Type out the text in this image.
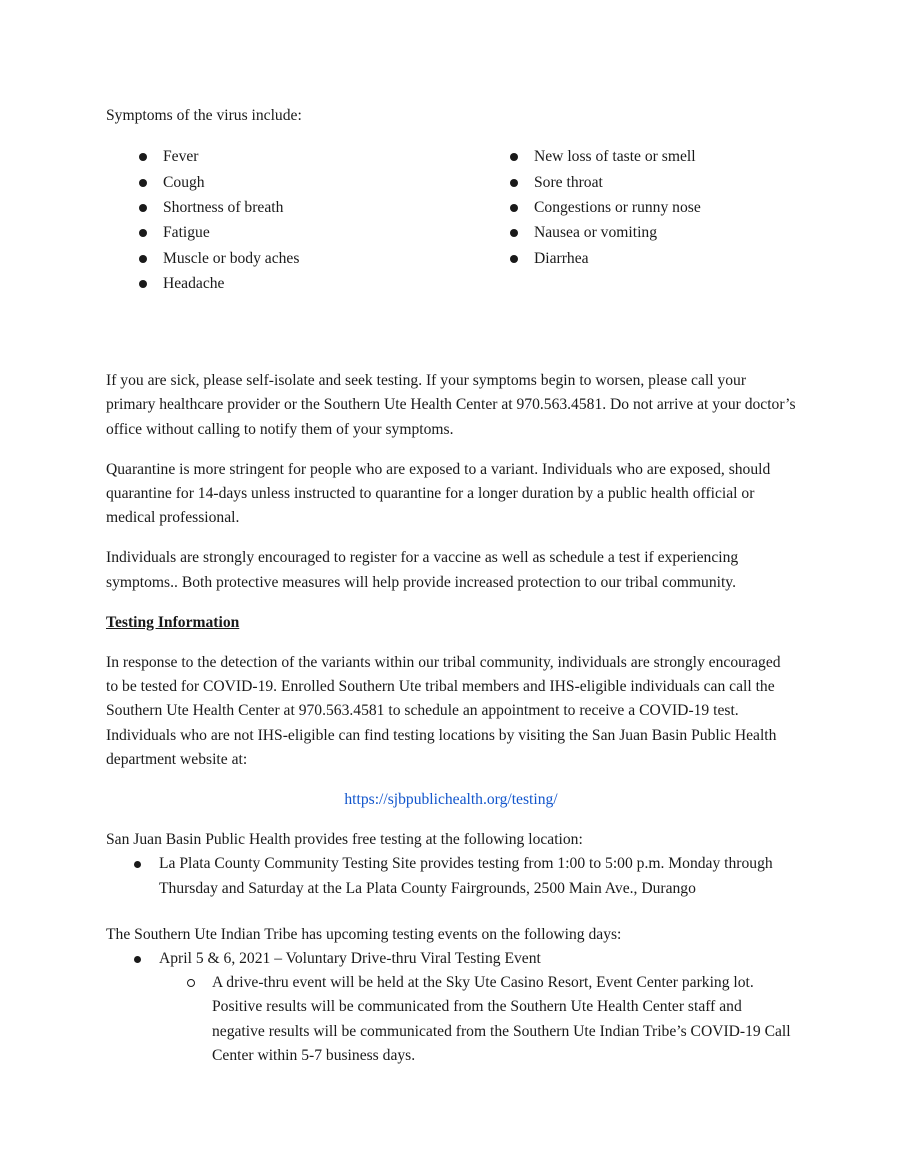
Symptoms of the virus include:

Fever
Cough
Shortness of breath
Fatigue
Muscle or body aches
Headache
New loss of taste or smell
Sore throat
Congestions or runny nose
Nausea or vomiting
Diarrhea

If you are sick, please self-isolate and seek testing. If your symptoms begin to worsen, please call your primary healthcare provider or the Southern Ute Health Center at 970.563.4581. Do not arrive at your doctor’s office without calling to notify them of your symptoms.

Quarantine is more stringent for people who are exposed to a variant. Individuals who are exposed, should quarantine for 14-days unless instructed to quarantine for a longer duration by a public health official or medical professional.

Individuals are strongly encouraged to register for a vaccine as well as schedule a test if experiencing symptoms.. Both protective measures will help provide increased protection to our tribal community.

Testing Information

In response to the detection of the variants within our tribal community, individuals are strongly encouraged to be tested for COVID-19. Enrolled Southern Ute tribal members and IHS-eligible individuals can call the Southern Ute Health Center at 970.563.4581 to schedule an appointment to receive a COVID-19 test. Individuals who are not IHS-eligible can find testing locations by visiting the San Juan Basin Public Health department website at:

https://sjbpublichealth.org/testing/

San Juan Basin Public Health provides free testing at the following location:

La Plata County Community Testing Site provides testing from 1:00 to 5:00 p.m. Monday through Thursday and Saturday at the La Plata County Fairgrounds, 2500 Main Ave., Durango

The Southern Ute Indian Tribe has upcoming testing events on the following days:

April 5 & 6, 2021 – Voluntary Drive-thru Viral Testing Event
A drive-thru event will be held at the Sky Ute Casino Resort, Event Center parking lot. Positive results will be communicated from the Southern Ute Health Center staff and negative results will be communicated from the Southern Ute Indian Tribe’s COVID-19 Call Center within 5-7 business days.
